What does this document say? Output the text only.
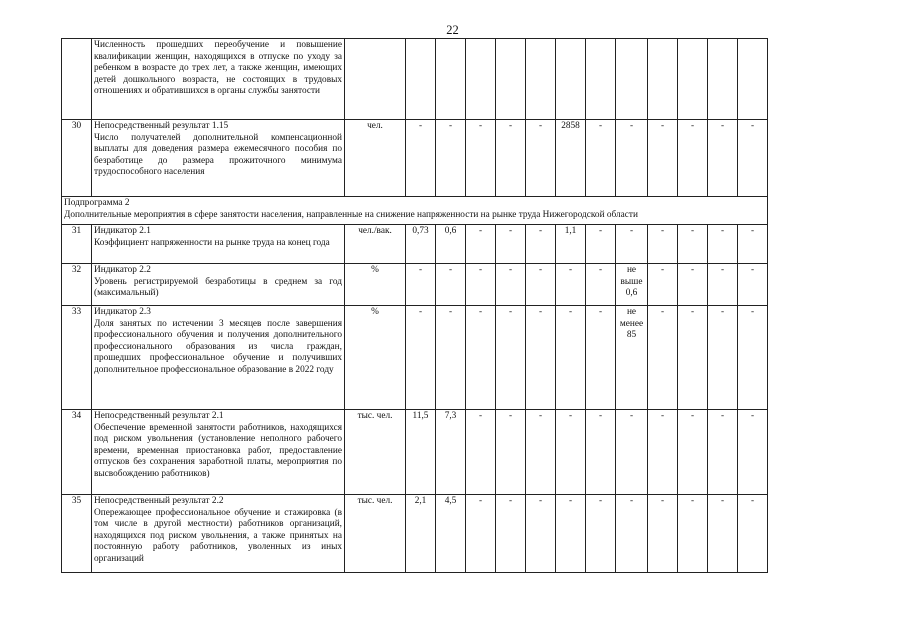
22

	Численность прошедших переобучение и повышение квалификации женщин, находящихся в отпуске по уходу за ребенком в возрасте до трех лет, а также женщин, имеющих детей дошкольного возраста, не состоящих в трудовых отношениях и обратившихся в органы службы занятости													

30	Непосредственный результат 1.15
Число получателей дополнительной компенсационной выплаты для доведения размера ежемесячного пособия по безработице до размера прожиточного минимума трудоспособного населения	чел.	-	-	-	-	-	2858	-	-	-	-	-	-

Подпрограмма 2
Дополнительные мероприятия в сфере занятости населения, направленные на снижение напряженности на рынке труда Нижегородской области														

31	Индикатор 2.1
Коэффициент напряженности на рынке труда на конец года	чел./вак.	0,73	0,6	-	-	-	1,1	-	-	-	-	-	-
32	Индикатор 2.2
Уровень регистрируемой безработицы в среднем за год (максимальный)	%	-	-	-	-	-	-	-	не выше 0,6	-	-	-	-
33	Индикатор 2.3
Доля занятых по истечении 3 месяцев после завершения профессионального обучения и получения дополнительного профессионального образования из числа граждан, прошедших профессиональное обучение и получивших дополнительное профессиональное образование в 2022 году	%	-	-	-	-	-	-	-	не менее 85	-	-	-	-
34	Непосредственный результат 2.1
Обеспечение временной занятости работников, находящихся под риском увольнения (установление неполного рабочего времени, временная приостановка работ, предоставление отпусков без сохранения заработной платы, мероприятия по высвобождению работников)	тыс. чел.	11,5	7,3	-	-	-	-	-	-	-	-	-	-
35	Непосредственный результат 2.2
Опережающее профессиональное обучение и стажировка (в том числе в другой местности) работников организаций, находящихся под риском увольнения, а также принятых на постоянную работу работников, уволенных из иных организаций	тыс. чел.	2,1	4,5	-	-	-	-	-	-	-	-	-	-
